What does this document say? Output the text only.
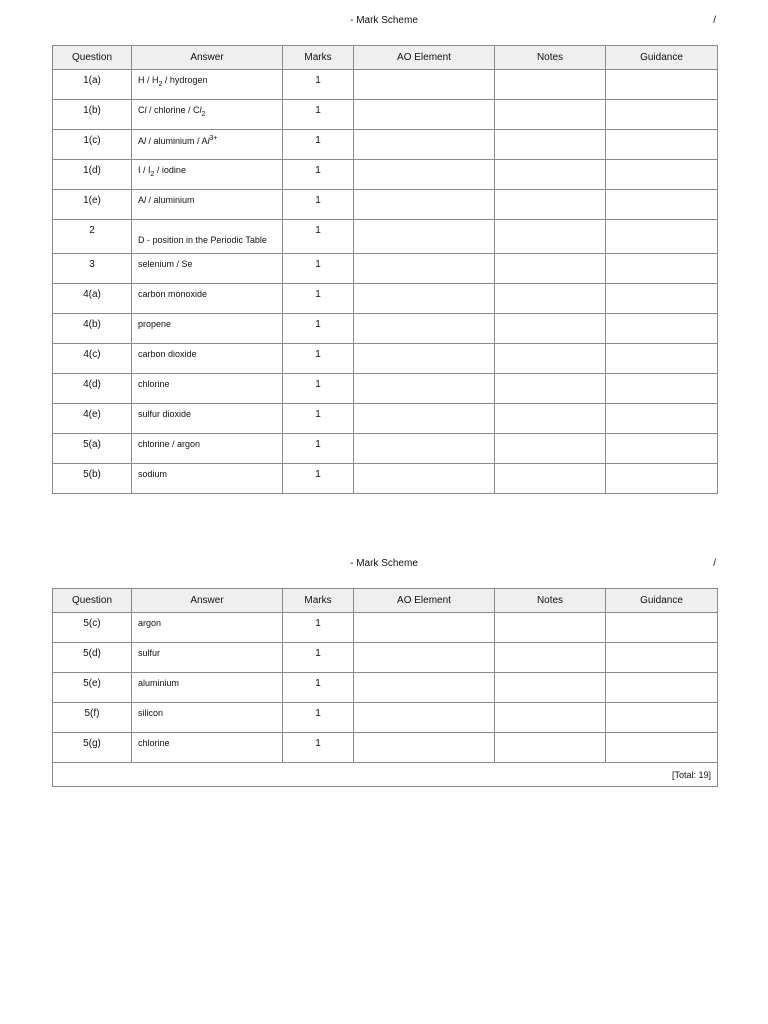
- Mark Scheme	/
Question	Answer	Marks	AO Element	Notes	Guidance
1(a)	H / $H_2$ / hydrogen	1			
1(b)	Cl / chlorine / $Cl_2$	1			
1(c)	Al / aluminium / $Al^{3+}$	1			
1(d)	I / $I_2$ / iodine	1			
1(e)	Al / aluminium	1			
2	D - position in the Periodic Table	1			
3	selenium / Se	1			
4(a)	carbon monoxide	1			
4(b)	propene	1			
4(c)	carbon dioxide	1			
4(d)	chlorine	1			
4(e)	sulfur dioxide	1			
5(a)	chlorine / argon	1			
5(b)	sodium	1			
- Mark Scheme	/
Question	Answer	Marks	AO Element	Notes	Guidance
5(c)	argon	1			
5(d)	sulfur	1			
5(e)	aluminium	1			
5(f)	silicon	1			
5(g)	chlorine	1			
[Total: 19]					
